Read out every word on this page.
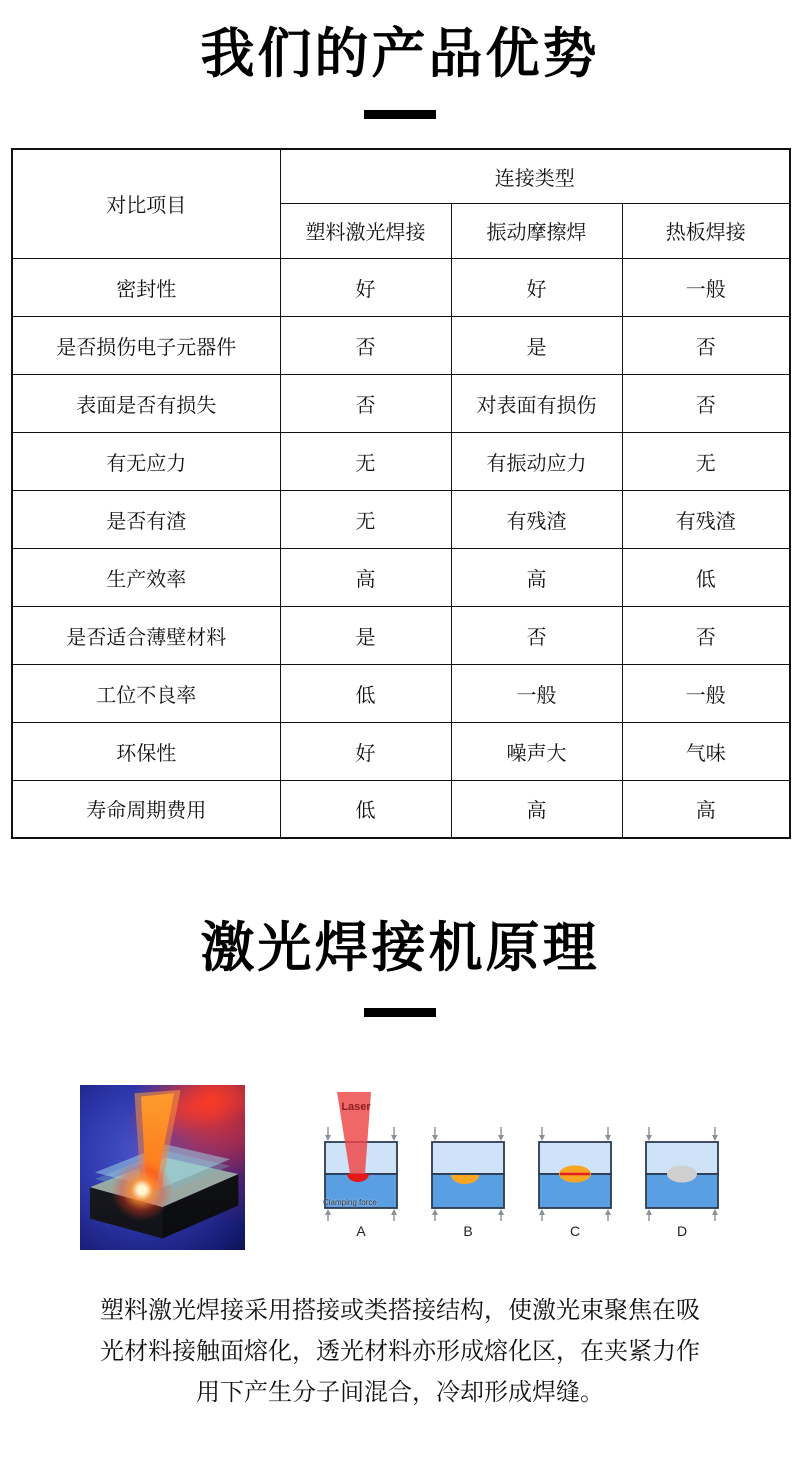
我们的产品优势
对比项目	连接类型		
	塑料激光焊接	振动摩擦焊	热板焊接
密封性	好	好	一般
是否损伤电子元器件	否	是	否
表面是否有损失	否	对表面有损伤	否
有无应力	无	有振动应力	无
是否有渣	无	有残渣	有残渣
生产效率	高	高	低
是否适合薄壁材料	是	否	否
工位不良率	低	一般	一般
环保性	好	噪声大	气味
寿命周期费用	低	高	高
激光焊接机原理
Laser
Clamping force
A	B	C	D
塑料激光焊接采用搭接或类搭接结构，使激光束聚焦在吸光材料接触面熔化，透光材料亦形成熔化区，在夹紧力作用下产生分子间混合，冷却形成焊缝。
